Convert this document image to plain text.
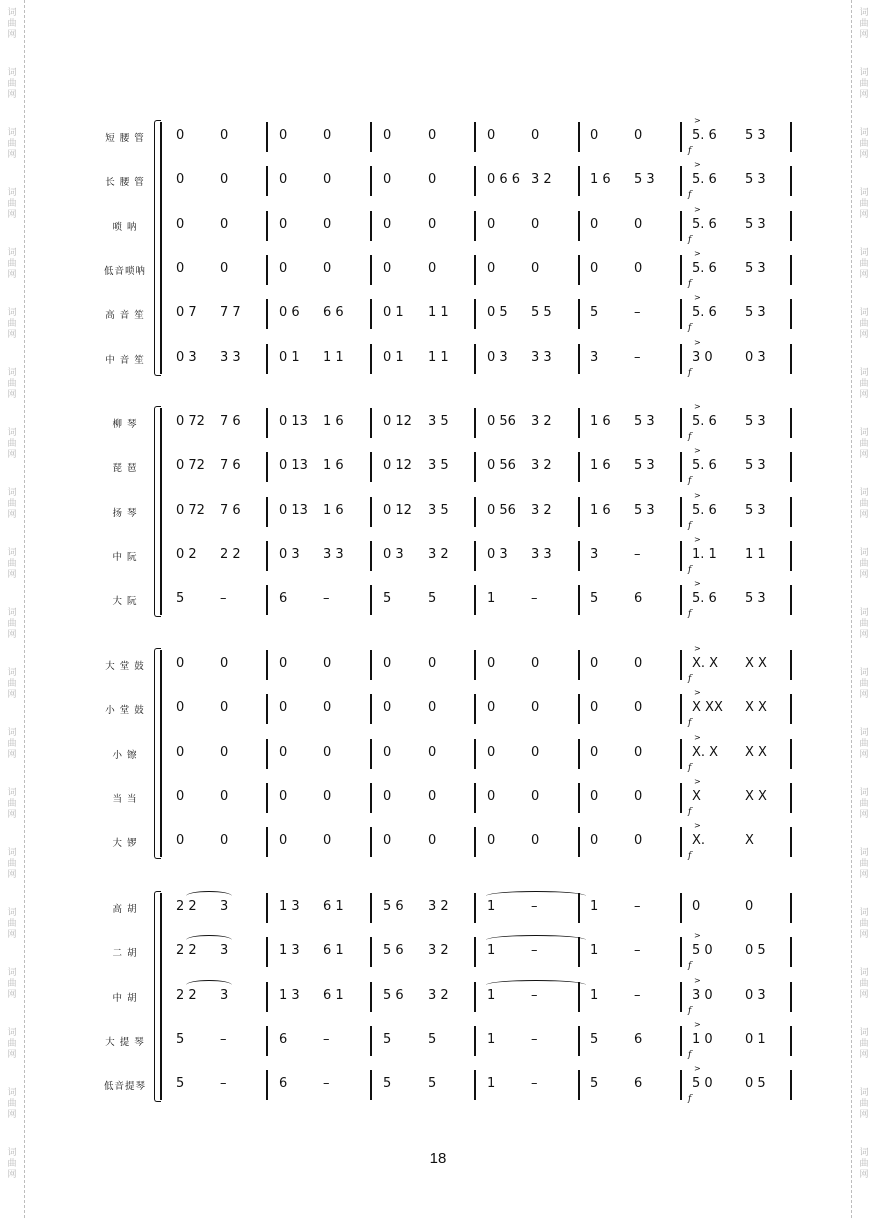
词
曲
网
词
曲
网
词
曲
网
词
曲
网
词
曲
网
词
曲
网
词
曲
网
词
曲
网
词
曲
网
词
曲
网
词
曲
网
词
曲
网
词
曲
网
词
曲
网
词
曲
网
词
曲
网
词
曲
网
词
曲
网
词
曲
网
词
曲
网
词
曲
网
词
曲
网
词
曲
网
词
曲
网
词
曲
网
词
曲
网
词
曲
网
词
曲
网
词
曲
网
词
曲
网
词
曲
网
词
曲
网
词
曲
网
词
曲
网
词
曲
网
词
曲
网
词
曲
网
词
曲
网
词
曲
网
词
曲
网
短 腰 管	0	0	0	0	0	0	0	0	0	0	5. 6 5 3
>
f
长 腰 管	0	0	0	0	0	0	0 6 6 3 2	1 6 5 3	5. 6 5 3
>
f
唢 呐	0	0	0	0	0	0	0	0	0	0	5. 6 5 3
>
f
低音唢呐	0	0	0	0	0	0	0	0	0	0	5. 6 5 3
>
f
高 音 笙	0 7 7 7	0 6 6 6	0 1 1 1	0 5 5 5	5	–	5. 6 5 3
>
f
中 音 笙	0 3 3 3	0 1 1 1	0 1 1 1	0 3 3 3	3	–	3 0 0 3
>
f
柳 琴	0 72 7 6	0 13 1 6	0 12 3 5	0 56 3 2	1 6 5 3	5. 6 5 3
>
f
琵 琶	0 72 7 6	0 13 1 6	0 12 3 5	0 56 3 2	1 6 5 3	5. 6 5 3
>
f
扬 琴	0 72 7 6	0 13 1 6	0 12 3 5	0 56 3 2	1 6 5 3	5. 6 5 3
>
f
中 阮	0 2 2 2	0 3 3 3	0 3 3 2	0 3 3 3	3	–	1. 1 1 1
>
f
大 阮	5	–	6	–	5	5	1	–	5	6	5. 6 5 3
>
f
大 堂 鼓	0	0	0	0	0	0	0	0	0	0	X. X X X
>
f
小 堂 鼓	0	0	0	0	0	0	0	0	0	0	X XX X X
>
f
小 镲	0	0	0	0	0	0	0	0	0	0	X. X X X
>
f
当 当	0	0	0	0	0	0	0	0	0	0	X	X X
>
f
大 锣	0	0	0	0	0	0	0	0	0	0	X.	X
>
f
高 胡	2 2 3	1 3 6 1	5 6 3 2	1	–	1	–	0	0
二 胡	2 2 3	1 3 6 1	5 6 3 2	1	–	1	–	5 0 0 5
>
f
中 胡	2 2 3	1 3 6 1	5 6 3 2	1	–	1	–	3 0 0 3
>
f
大 提 琴	5	–	6	–	5	5	1	–	5	6	1 0 0 1
>
f
低音提琴	5	–	6	–	5	5	1	–	5	6	5 0 0 5
>
f
18
